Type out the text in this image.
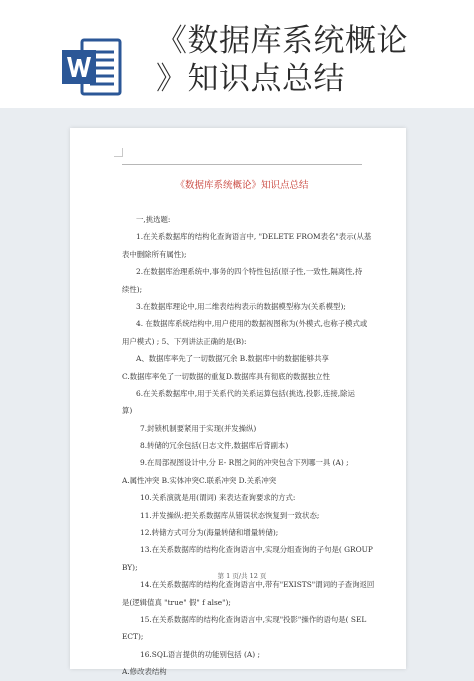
《数据库系统概论
》知识点总结
《数据库系统概论》知识点总结
一,挑选题:
1.在关系数据库的结构化查询语言中, "DELETE FROM表名"表示(从基
表中删除所有属性);
2.在数据库治理系统中,事务的四个特性包括(原子性,一致性,隔离性,持
续性);
3.在数据库理论中,用二维表结构表示的数据模型称为(关系模型);
4. 在数据库系统结构中,用户使用的数据视图称为(外模式,也称子模式或
用户模式) ; 5、下列讲法正确的是(B):
A、数据库率先了一切数据冗余 B.数据库中的数据能够共享
C.数据库率免了一切数据的重复D.数据库具有彻底的数据独立性
6.在关系数据库中,用于关系代的关系运算包括(挑选,投影,连接,除运
算)
7.封锁机制要紧用于实现(并发操纵)
8.转储的冗余包括(日志文件,数据库后背副本)
9.在局部视图设计中,分 E- R图之间的冲突包含下列哪一具 (A) ;
A.属性冲突 B.实体冲突C.联系冲突 D.关系冲突
10.关系演就是用(谓词) 来表达查询要求的方式:
11.并发操纵:把关系数据库从错误状态恢复到一致状态;
12.转储方式可分为(海量转储和增量转储);
13.在关系数据库的结构化查询语言中,实现分组查询的子句是( GROUP
BY);
14.在关系数据库的结构化查询语言中,带有"EXISTS"谓词的子查询返回
是(逻辑值真 "true" 假" f alse");
15.在关系数据库的结构化查询语言中,实现"投影"操作的语句是( SEL
ECT);
16.SQL语言提供的功能别包括 (A) ;
A.修改表结构
第 1 页/共 12 页
